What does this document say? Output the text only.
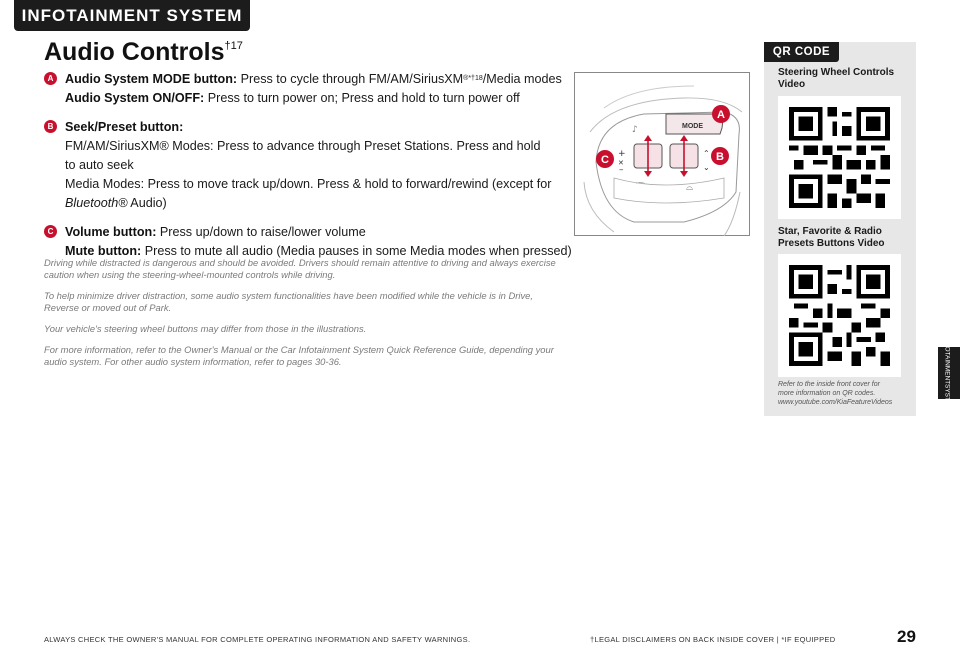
INFOTAINMENT SYSTEM
Audio Controls$^{\dagger 17}$
A Audio System MODE button: Press to cycle through FM/AM/SiriusXM$^{®*\dagger 18}$/Media modes
Audio System ON/OFF: Press to turn power on; Press and hold to turn power off
B Seek/Preset button:
FM/AM/SiriusXM® Modes: Press to advance through Preset Stations. Press and hold
to auto seek
Media Modes: Press to move track up/down. Press & hold to forward/rewind (except for
Bluetooth® Audio)
C Volume button: Press up/down to raise/lower volume
Mute button: Press to mute all audio (Media pauses in some Media modes when pressed)
Driving while distracted is dangerous and should be avoided. Drivers should remain attentive to driving and always exercise caution when using the steering-wheel-mounted controls while driving.
To help minimize driver distraction, some audio system functionalities have been modified while the vehicle is in Drive, Reverse or moved out of Park.
Your vehicle's steering wheel buttons may differ from those in the illustrations.
For more information, refer to the Owner's Manual or the Car Infotainment System Quick Reference Guide, depending your audio system. For other audio system information, refer to pages 30-36.
MODE
♪
+
✕
–
⌃
⌄
⌒	⌓
A
B
C
QR CODE
Steering Wheel Controls Video
Star, Favorite & Radio Presets Buttons Video
Refer to the inside front cover for
more information on QR codes.
www.youtube.com/KiaFeatureVideos
INFOTAINMENT
SYSTEM
ALWAYS CHECK THE OWNER'S MANUAL FOR COMPLETE OPERATING INFORMATION AND SAFETY WARNINGS.	†LEGAL DISCLAIMERS ON BACK INSIDE COVER | *IF EQUIPPED	29
